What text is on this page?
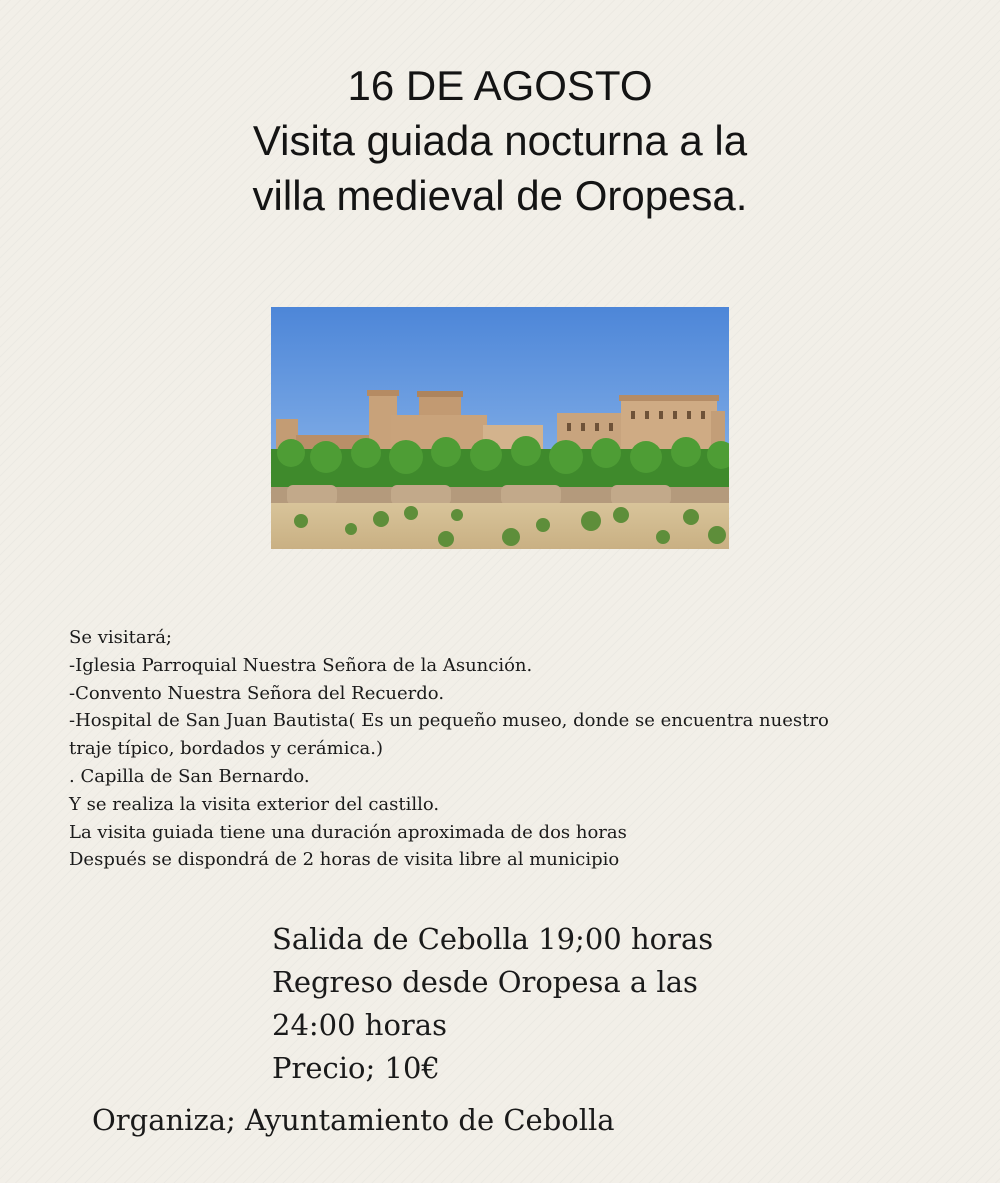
16 DE AGOSTO
Visita guiada nocturna a la
villa medieval de Oropesa.
Se visitará;
-Iglesia Parroquial Nuestra Señora de la Asunción.
-Convento Nuestra Señora del Recuerdo.
-Hospital de San Juan Bautista( Es un pequeño museo, donde se encuentra nuestro
traje típico, bordados y cerámica.)
. Capilla de San Bernardo.
Y se realiza la visita exterior del castillo.
La visita guiada tiene una duración aproximada de dos horas
Después se dispondrá de 2 horas de visita libre al municipio
Salida de Cebolla 19;00 horas
Regreso desde Oropesa a las
24:00 horas
Precio; 10€
Organiza; Ayuntamiento de Cebolla
